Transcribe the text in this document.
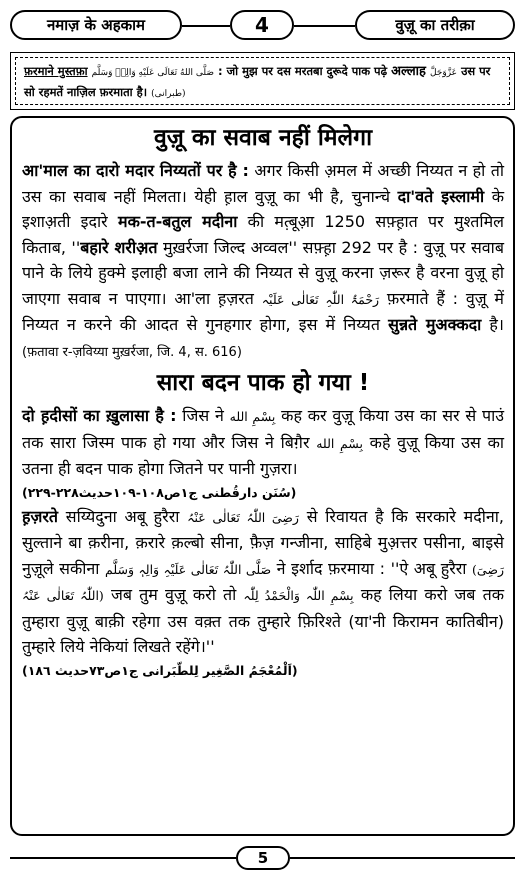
नमाज़ के अहकाम	4	वुज़ू का तरीक़ा
फ़रमाने मुस्तफ़ा صَلَّى اللهُ تَعَالَى عَلَيْهِ وَالِهٖ وَسَلَّم : जो मुझ पर दस मरतबा दुरूदे पाक पढ़े अल्लाह عَزَّوَجَلَّ उस पर सो रहमतें नाज़िल फ़रमाता है। (طبرانی)
वुज़ू का सवाब नहीं मिलेगा

आ'माल का दारो मदार निय्यतों पर है : अगर किसी अ़मल में अच्छी निय्यत न हो तो उस का सवाब नहीं मिलता। येही ह़ाल वुज़ू का भी है, चुनान्चे दा'वते इस्लामी के इशाअ़ती इदारे मक-त-बतुल मदीना की मत़्बूआ़ 1250 सफ़्ह़ात पर मुश्तमिल किताब, ''बहारे शरीअ़त मुख़र्रजा जिल्द अव्वल'' सफ़्ह़ा 292 पर है : वुज़ू पर सवाब पाने के लिये हुक्मे इलाही बजा लाने की निय्यत से वुज़ू करना ज़रूर है वरना वुज़ू हो जाएगा सवाब न पाएगा। आ'ला ह़ज़रत رَحْمَۃُ اللّٰہِ تَعَالٰی عَلَیْہ फ़रमाते हैं : वुज़ू में निय्यत न करने की आदत से गुनहगार होगा, इस में निय्यत सुन्नते मुअक्कदा है। (फ़तावा र-ज़विय्या मुख़र्रजा, जि. 4, स. 616)

सारा बदन पाक हो गया !

दो ह़दीसों का ख़ुलासा है : जिस ने بِسْمِ الله कह कर वुज़ू किया उस का सर से पाउं तक सारा जिस्म पाक हो गया और जिस ने बिग़ैर بِسْمِ الله कहे वुज़ू किया उस का उतना ही बदन पाक होगा जितने पर पानी गुज़रा।

(سُنَن دارقُطنی ج١ص١٠٨-١٠٩حدیث٢٢٨-٢٢٩)

ह़ज़रते सय्यिदुना अबू हुरैरा رَضِیَ اللّٰہُ تَعَالٰی عَنْہُ से रिवायत है कि सरकारे मदीना, सुल्ताने बा क़रीना, क़रारे क़ल्बो सीना, फ़ैज़ गन्जीना, साहिबे मुअ़त्तर पसीना, बाइसे नुज़ूले सकीना صَلَّی اللّٰہُ تَعَالٰی عَلَیْہِ وَالِہٖ وَسَلَّم ने इर्शाद फ़रमाया : ''ऐ अबू हुरैरा (رَضِیَ اللّٰہُ تَعَالٰی عَنْہُ) जब तुम वुज़ू करो तो بِسْمِ اللّٰہ وَالْحَمْدُ لِلّٰہ कह लिया करो जब तक तुम्हारा वुज़ू बाक़ी रहेगा उस वक़्त तक तुम्हारे फ़िरिश्ते (या'नी किरामन कातिबीन) तुम्हारे लिये नेकियां लिखते रहेंगे।''

(اَلْمُعْجَمُ الصَّغِیر لِلطّبَرانی ج١ص٧٣حدیث ١٨٦)

5
